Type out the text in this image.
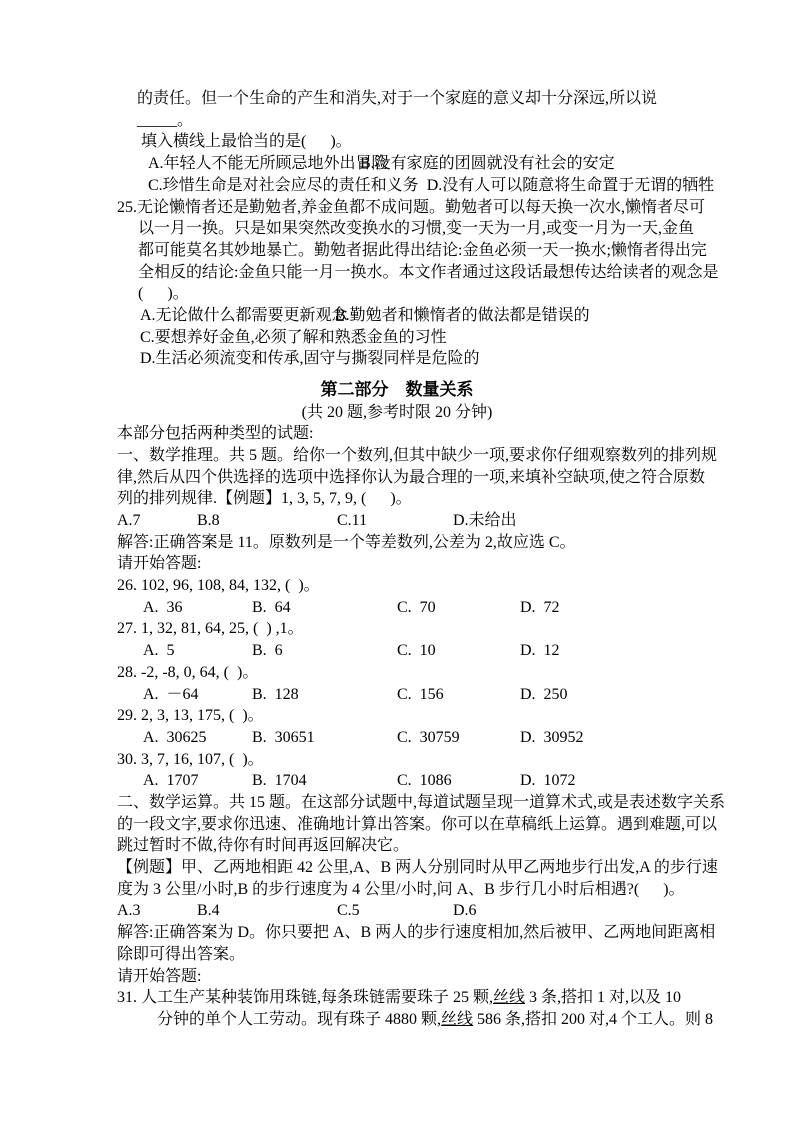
的责任。但一个生命的产生和消失,对于一个家庭的意义却十分深远,所以说
_____。
填入横线上最恰当的是(      )。

A.年轻人不能无所顾忌地外出冒险

B.没有家庭的团圆就没有社会的安定

C.珍惜生命是对社会应尽的责任和义务 D.没有人可以随意将生命置于无谓的牺牲
25.无论懒惰者还是勤勉者,养金鱼都不成问题。勤勉者可以每天换一次水,懒惰者尽可
以一月一换。只是如果突然改变换水的习惯,变一天为一月,或变一月为一天,金鱼
都可能莫名其妙地暴亡。勤勉者据此得出结论:金鱼必须一天一换水;懒惰者得出完
全相反的结论:金鱼只能一月一换水。本文作者通过这段话最想传达给读者的观念是
(      )。

A.无论做什么都需要更新观念

B.勤勉者和懒惰者的做法都是错误的

C.要想养好金鱼,必须了解和熟悉金鱼的习性
D.生活必须流变和传承,固守与撕裂同样是危险的
第二部分　数量关系
(共 20 题,参考时限 20 分钟)
本部分包括两种类型的试题:
一、数学推理。共 5 题。给你一个数列,但其中缺少一项,要求你仔细观察数列的排列规
律,然后从四个供选择的选项中选择你认为最合理的一项,来填补空缺项,使之符合原数
列的排列规律.【例题】1, 3, 5, 7, 9, (      )。

A.7

	B.8

	C.11

	D.未给出

解答:正确答案是 11。原数列是一个等差数列,公差为 2,故应选 C。
请开始答题:
26. 102, 96, 108, 84, 132, (  )。

A.  36

	B.  64

	C.  70

	D.  72

27. 1, 32, 81, 64, 25, (  ) ,1。

A.  5

	B.  6

	C.  10

	D.  12

28. -2, -8, 0, 64, (  )。

A.  －64

	B.  128

	C.  156

	D.  250

29. 2, 3, 13, 175, (  )。

A.  30625

	B.  30651

	C.  30759

	D.  30952

30. 3, 7, 16, 107, (  )。

A.  1707

	B.  1704

	C.  1086

	D.  1072

二、数学运算。共 15 题。在这部分试题中,每道试题呈现一道算术式,或是表述数字关系
的一段文字,要求你迅速、准确地计算出答案。你可以在草稿纸上运算。遇到难题,可以
跳过暂时不做,待你有时间再返回解决它。
【例题】甲、乙两地相距 42 公里,A、B 两人分别同时从甲乙两地步行出发,A 的步行速
度为 3 公里/小时,B 的步行速度为 4 公里/小时,问 A、B 步行几小时后相遇?(      )。

A.3

	B.4

	C.5

	D.6

解答:正确答案为 D。你只要把 A、B 两人的步行速度相加,然后被甲、乙两地间距离相
除即可得出答案。
请开始答题:
31. 人工生产某种装饰用珠链,每条珠链需要珠子 25 颗,丝线 3 条,搭扣 1 对,以及 10
分钟的单个人工劳动。现有珠子 4880 颗,丝线 586 条,搭扣 200 对,4 个工人。则 8
